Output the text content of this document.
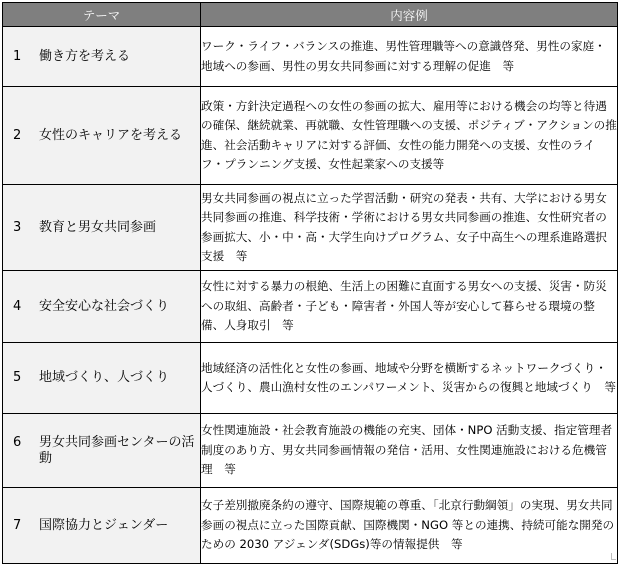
テーマ	内容例

1 働き方を考える	ワーク・ライフ・バランスの推進、男性管理職等への意識啓発、男性の家庭・地域への参画、男性の男女共同参画に対する理解の促進　等

2 女性のキャリアを考える	政策・方針決定過程への女性の参画の拡大、雇用等における機会の均等と待遇の確保、継続就業、再就職、女性管理職への支援、ポジティブ・アクションの推進、社会活動キャリアに対する評価、女性の能力開発への支援、女性のライフ・プランニング支援、女性起業家への支援等

3 教育と男女共同参画	男女共同参画の視点に立った学習活動・研究の発表・共有、大学における男女共同参画の推進、科学技術・学術における男女共同参画の推進、女性研究者の参画拡大、小・中・高・大学生向けプログラム、女子中高生への理系進路選択支援　等

4 安全安心な社会づくり	女性に対する暴力の根絶、生活上の困難に直面する男女への支援、災害・防災への取組、高齢者・子ども・障害者・外国人等が安心して暮らせる環境の整備、人身取引　等

5 地域づくり、人づくり	地域経済の活性化と女性の参画、地域や分野を横断するネットワークづくり・人づくり、農山漁村女性のエンパワーメント、災害からの復興と地域づくり　等

6 男女共同参画センターの活動	女性関連施設・社会教育施設の機能の充実、団体・NPO 活動支援、指定管理者制度のあり方、男女共同参画情報の発信・活用、女性関連施設における危機管理　等

7 国際協力とジェンダー	女子差別撤廃条約の遵守、国際規範の尊重、「北京行動綱領」の実現、男女共同参画の視点に立った国際貢献、国際機関・NGO 等との連携、持続可能な開発のための 2030 アジェンダ(SDGs)等の情報提供　等
